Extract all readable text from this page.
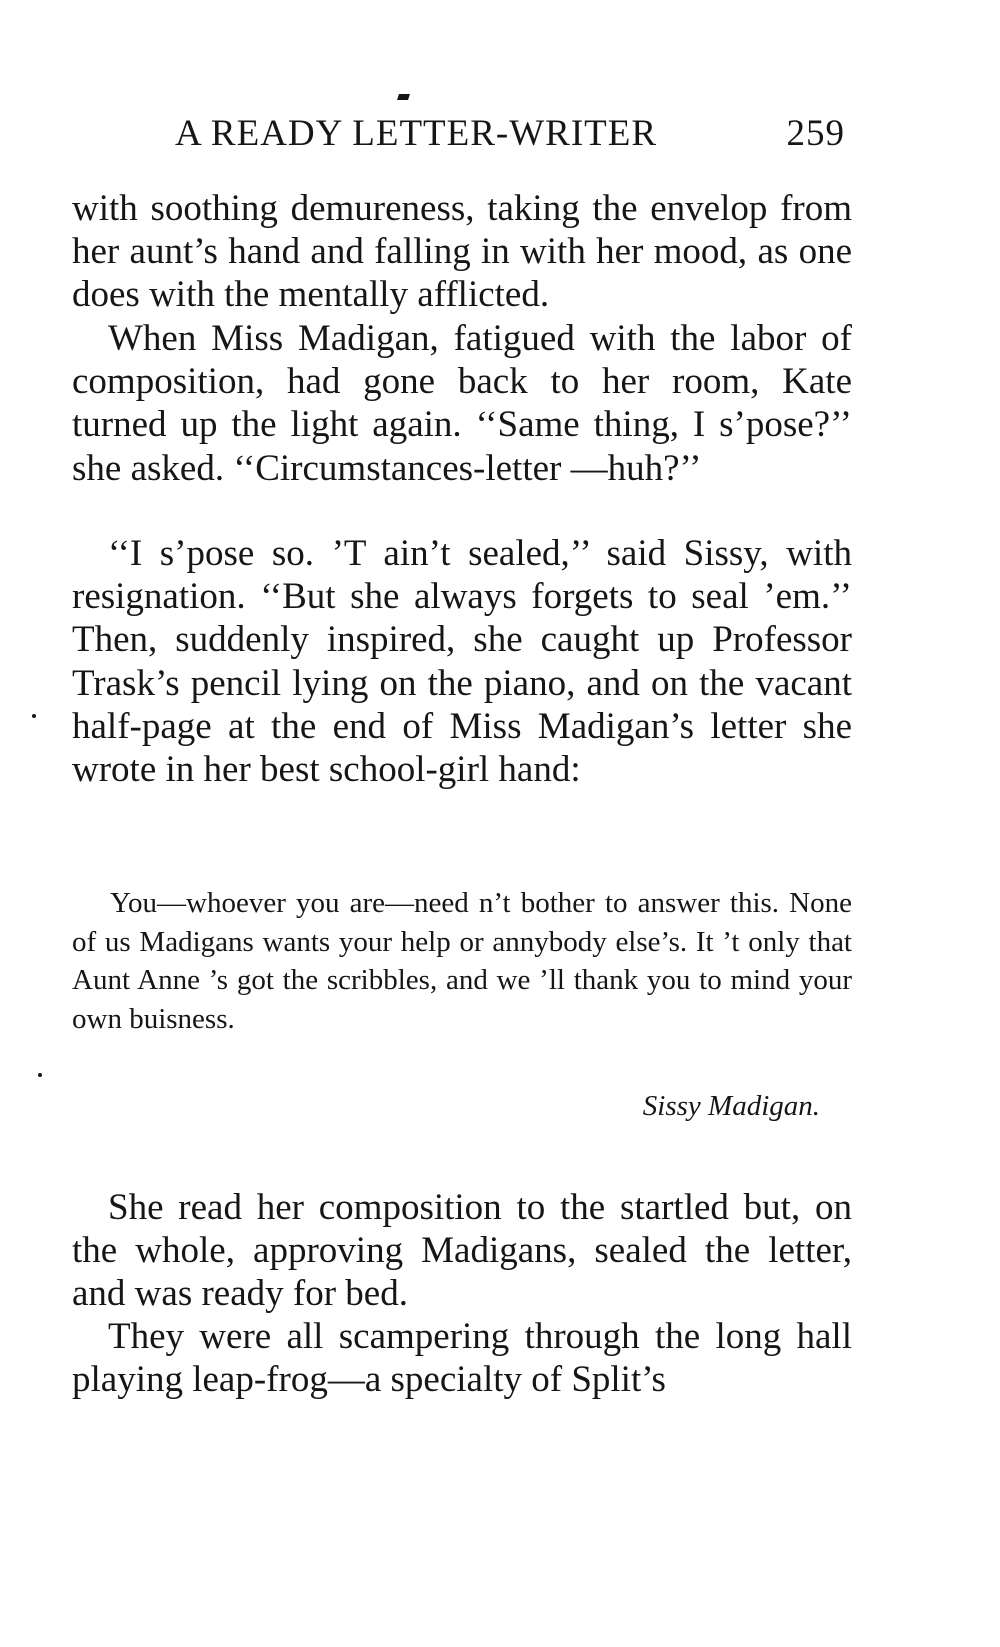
A READY LETTER-WRITER	259

with soothing demureness, taking the envelop from her aunt’s hand and falling in with her mood, as one does with the mentally afflicted.

When Miss Madigan, fatigued with the labor of composition, had gone back to her room, Kate turned up the light again. ‘‘Same thing, I s’pose?’’ she asked. ‘‘Circumstances-letter —huh?’’

‘‘I s’pose so. ’T ain’t sealed,’’ said Sissy, with resignation. ‘‘But she always forgets to seal ’em.’’ Then, suddenly inspired, she caught up Professor Trask’s pencil lying on the piano, and on the vacant half-page at the end of Miss Madigan’s letter she wrote in her best school-girl hand:

You—whoever you are—need n’t bother to answer this. None of us Madigans wants your help or annybody else’s. It ’t only that Aunt Anne ’s got the scribbles, and we ’ll thank you to mind your own buisness.

Sissy Madigan.

She read her composition to the startled but, on the whole, approving Madigans, sealed the letter, and was ready for bed.

They were all scampering through the long hall playing leap-frog—a specialty of Split’s
